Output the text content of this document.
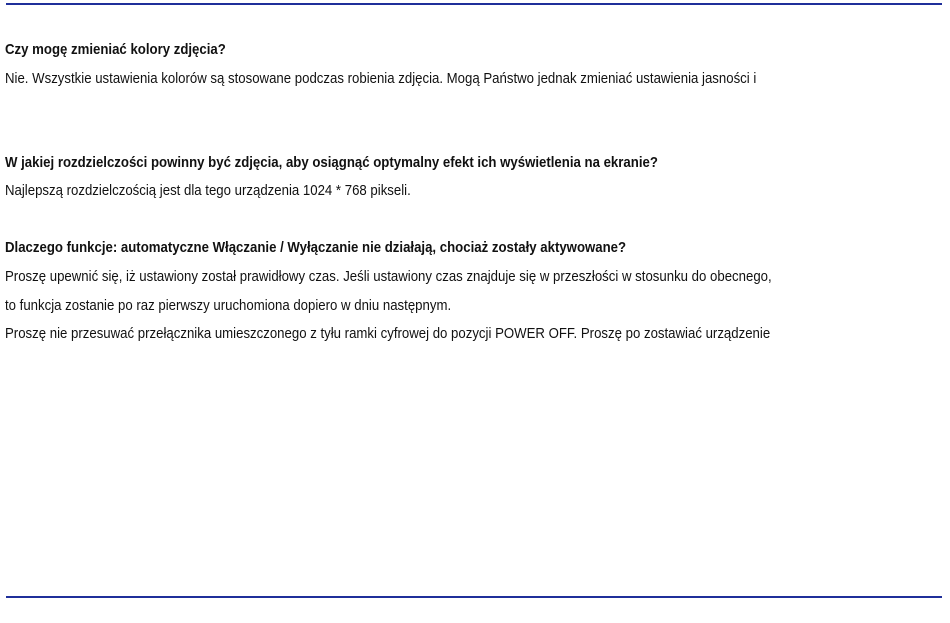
Czy mogę zmieniać kolory zdjęcia?
Nie. Wszystkie ustawienia kolorów są stosowane podczas robienia zdjęcia. Mogą Państwo jednak zmieniać ustawienia jasności i
W jakiej rozdzielczości powinny być zdjęcia, aby osiągnąć optymalny efekt ich wyświetlenia na ekranie?
Najlepszą rozdzielczością jest dla tego urządzenia 1024 * 768 pikseli.
Dlaczego funkcje: automatyczne Włączanie / Wyłączanie nie działają, chociaż zostały aktywowane?
Proszę upewnić się, iż ustawiony został prawidłowy czas. Jeśli ustawiony czas znajduje się w przeszłości w stosunku do obecnego,
to funkcja zostanie po raz pierwszy uruchomiona dopiero w dniu następnym.
Proszę nie przesuwać przełącznika umieszczonego z tyłu ramki cyfrowej do pozycji POWER OFF. Proszę po zostawiać urządzenie
